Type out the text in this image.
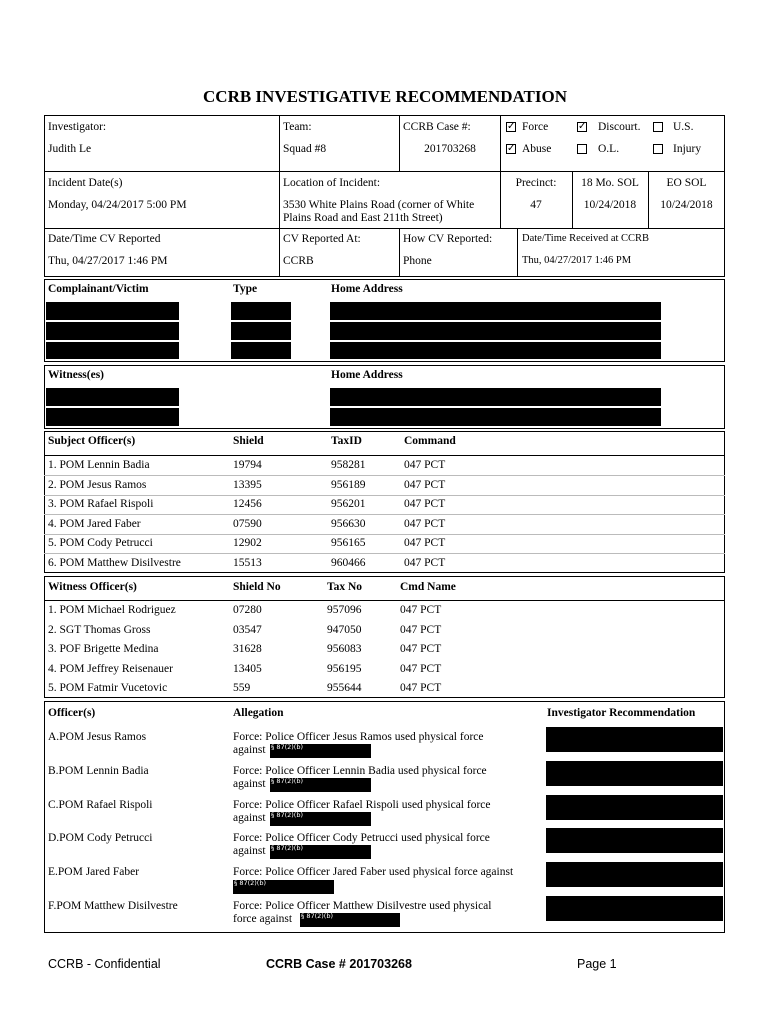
CCRB INVESTIGATIVE RECOMMENDATION
Investigator:
Judith Le
Team:
Squad #8
CCRB Case #:
201703268
✓ Force	✓ Discourt.	U.S.
✓ Abuse	O.L.	Injury
Incident Date(s)
Monday, 04/24/2017 5:00 PM
Location of Incident:
3530 White Plains Road (corner of White
Plains Road and East 211th Street)
Precinct:
47
18 Mo. SOL
10/24/2018
EO SOL
10/24/2018
Date/Time CV Reported
Thu, 04/27/2017 1:46 PM
CV Reported At:
CCRB
How CV Reported:
Phone
Date/Time Received at CCRB
Thu, 04/27/2017 1:46 PM
Complainant/Victim	Type	Home Address
Witness(es)	Home Address
Subject Officer(s)	Shield	TaxID	Command
1. POM Lennin Badia	19794	958281	047 PCT
2. POM Jesus Ramos	13395	956189	047 PCT
3. POM Rafael Rispoli	12456	956201	047 PCT
4. POM Jared Faber	07590	956630	047 PCT
5. POM Cody Petrucci	12902	956165	047 PCT
6. POM Matthew Disilvestre	15513	960466	047 PCT
Witness Officer(s)	Shield No	Tax No	Cmd Name
1. POM Michael Rodriguez	07280	957096	047 PCT
2. SGT Thomas Gross	03547	947050	047 PCT
3. POF Brigette Medina	31628	956083	047 PCT
4. POM Jeffrey Reisenauer	13405	956195	047 PCT
5. POM Fatmir Vucetovic	559	955644	047 PCT
Officer(s)	Allegation	Investigator Recommendation
A.POM Jesus Ramos	Force: Police Officer Jesus Ramos used physical force
against § 87(2)(b)
B.POM Lennin Badia	Force: Police Officer Lennin Badia used physical force
against § 87(2)(b)
C.POM Rafael Rispoli	Force: Police Officer Rafael Rispoli used physical force
against § 87(2)(b)
D.POM Cody Petrucci	Force: Police Officer Cody Petrucci used physical force
against § 87(2)(b)
E.POM Jared Faber	Force: Police Officer Jared Faber used physical force against
§ 87(2)(b)
F.POM Matthew Disilvestre	Force: Police Officer Matthew Disilvestre used physical
force against § 87(2)(b)
CCRB - Confidential	CCRB Case # 201703268	Page 1
